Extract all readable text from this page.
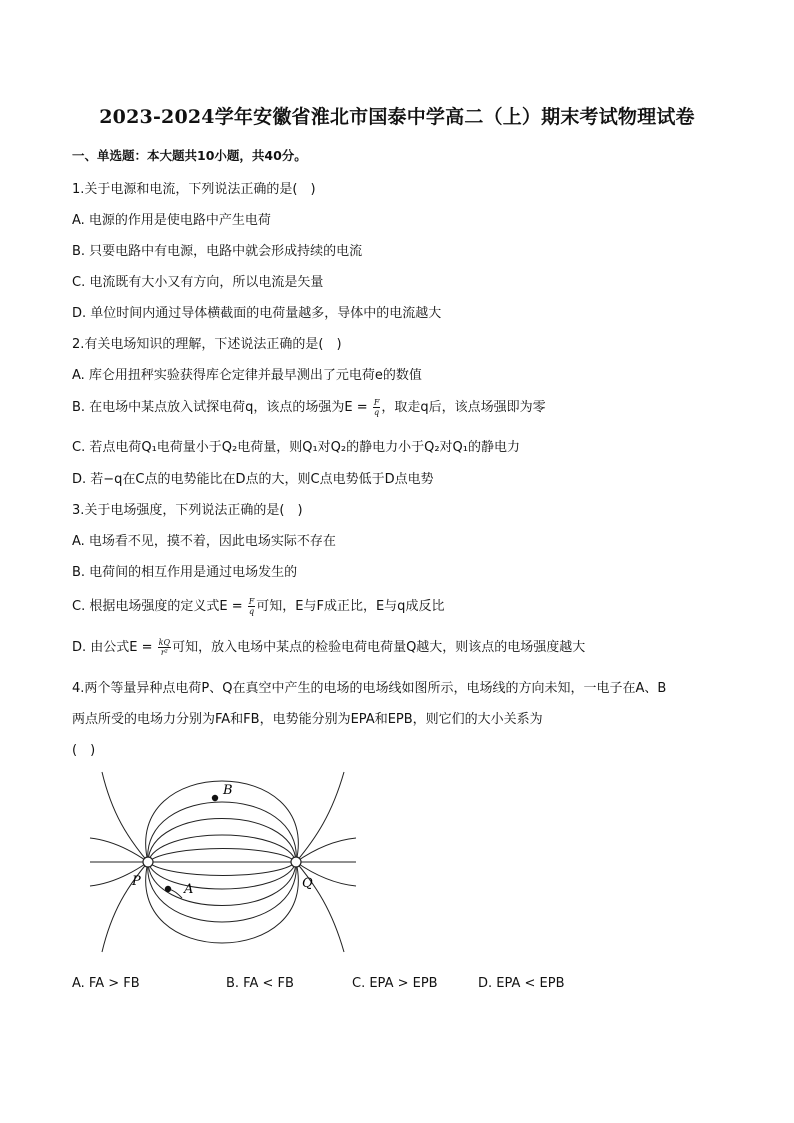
2023-2024学年安徽省淮北市国泰中学高二（上）期末考试物理试卷
一、单选题：本大题共10小题，共40分。
1.关于电源和电流，下列说法正确的是(　)
A. 电源的作用是使电路中产生电荷
B. 只要电路中有电源，电路中就会形成持续的电流
C. 电流既有大小又有方向，所以电流是矢量
D. 单位时间内通过导体横截面的电荷量越多，导体中的电流越大
2.有关电场知识的理解，下述说法正确的是(　)
A. 库仑用扭秤实验获得库仑定律并最早测出了元电荷e的数值
B. 在电场中某点放入试探电荷q，该点的场强为$E = \frac{F}{q}$ ，取走q后，该点场强即为零
C. 若点电荷Q₁电荷量小于Q₂电荷量，则Q₁对Q₂的静电力小于Q₂对Q₁的静电力
D. 若−q在C点的电势能比在D点的大，则C点电势低于D点电势
3.关于电场强度，下列说法正确的是(　)
A. 电场看不见，摸不着，因此电场实际不存在
B. 电荷间的相互作用是通过电场发生的
C. 根据电场强度的定义式$E = \frac{F}{q}$ 可知，E与F成正比，E与q成反比
D. 由公式$E = \frac{kQ}{\text{r²}}$ 可知，放入电场中某点的检验电荷电荷量Q越大，则该点的电场强度越大
4.两个等量异种点电荷P、Q在真空中产生的电场的电场线如图所示，电场线的方向未知，一电子在A、B
两点所受的电场力分别为FA和FB，电势能分别为EPA和EPB，则它们的大小关系为
(　)
P	Q
A
B
A. FA > FB	B. FA < FB	C. EPA > EPB	D. EPA < EPB
